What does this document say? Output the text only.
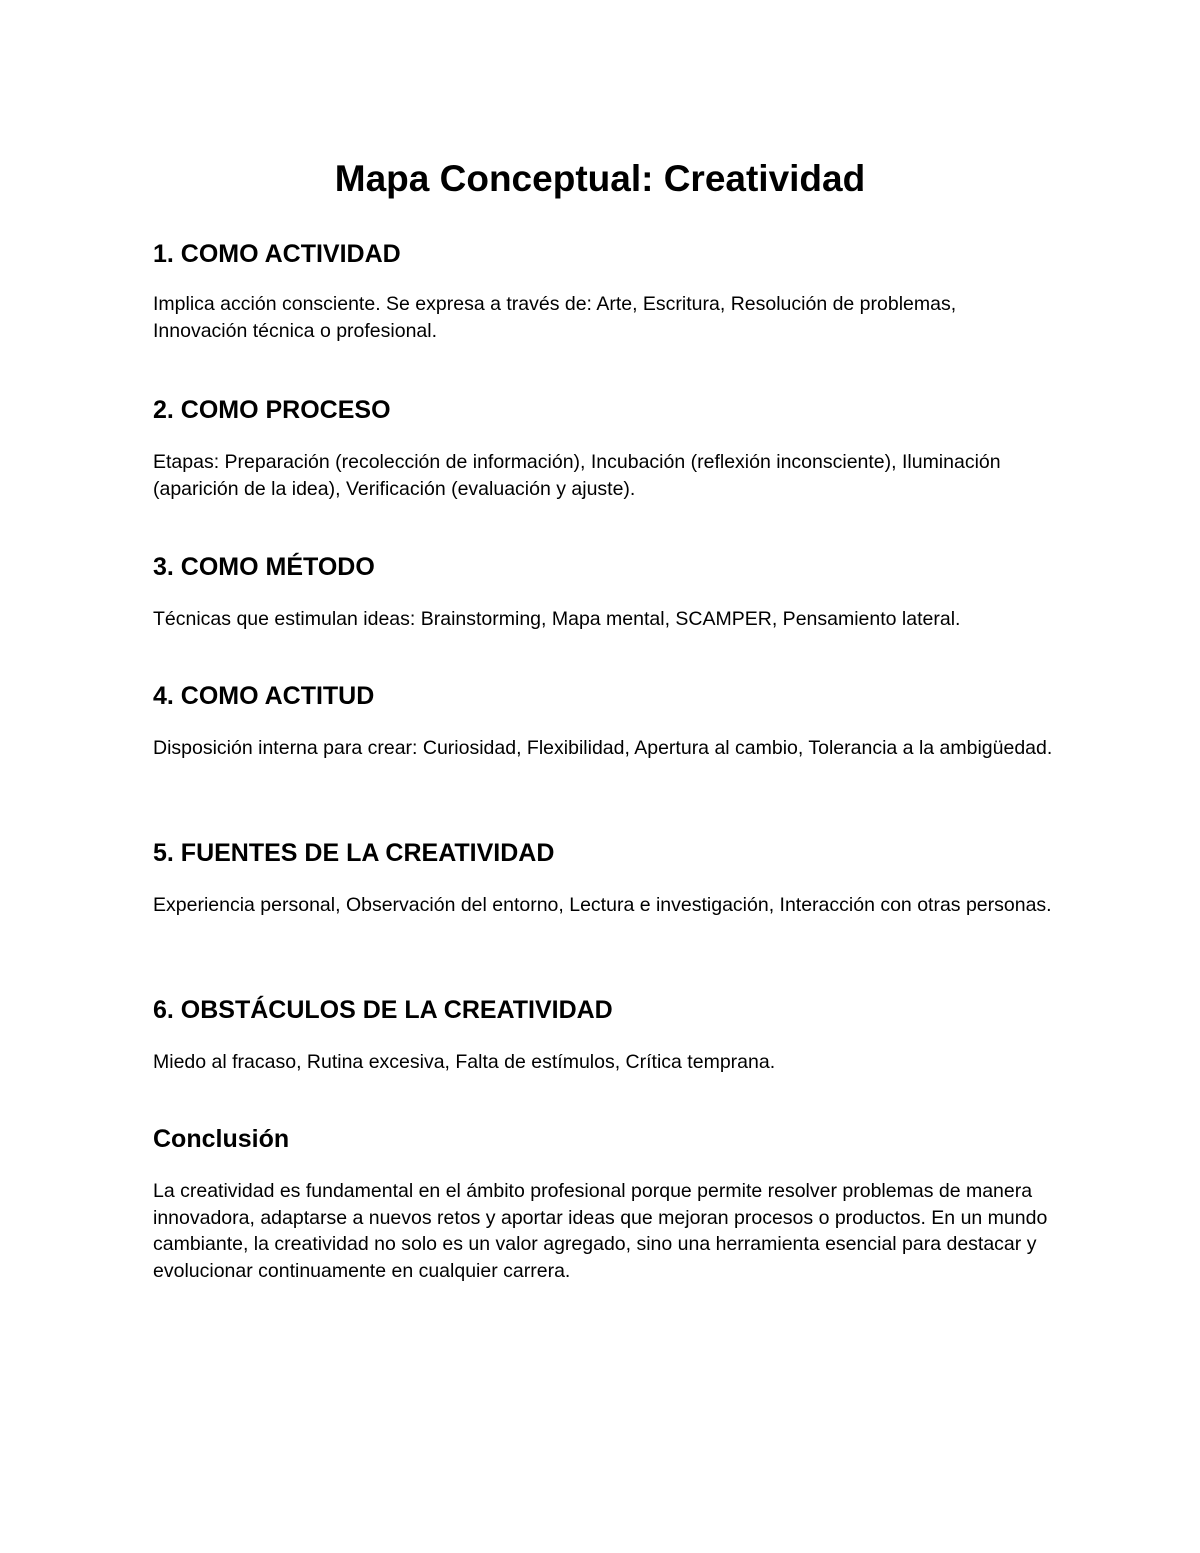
Mapa Conceptual: Creatividad
1. COMO ACTIVIDAD

Implica acción consciente. Se expresa a través de: Arte, Escritura, Resolución de problemas, Innovación técnica o profesional.

2. COMO PROCESO

Etapas: Preparación (recolección de información), Incubación (reflexión inconsciente), Iluminación (aparición de la idea), Verificación (evaluación y ajuste).

3. COMO MÉTODO

Técnicas que estimulan ideas: Brainstorming, Mapa mental, SCAMPER, Pensamiento lateral.

4. COMO ACTITUD

Disposición interna para crear: Curiosidad, Flexibilidad, Apertura al cambio, Tolerancia a la ambigüedad.

5. FUENTES DE LA CREATIVIDAD

Experiencia personal, Observación del entorno, Lectura e investigación, Interacción con otras personas.

6. OBSTÁCULOS DE LA CREATIVIDAD

Miedo al fracaso, Rutina excesiva, Falta de estímulos, Crítica temprana.

Conclusión

La creatividad es fundamental en el ámbito profesional porque permite resolver problemas de manera innovadora, adaptarse a nuevos retos y aportar ideas que mejoran procesos o productos. En un mundo cambiante, la creatividad no solo es un valor agregado, sino una herramienta esencial para destacar y evolucionar continuamente en cualquier carrera.
